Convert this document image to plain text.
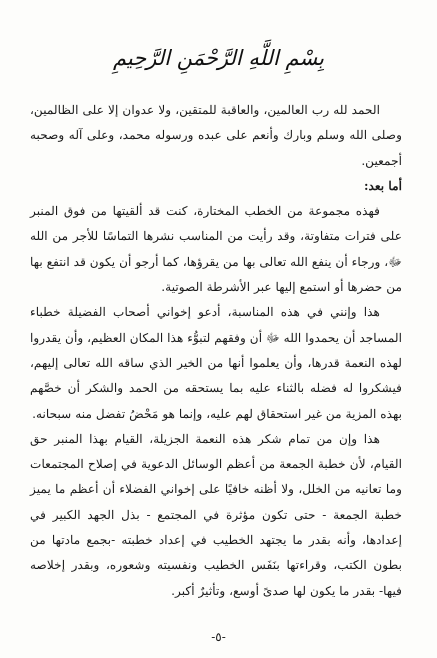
بِسْمِ اللَّهِ الرَّحْمَنِ الرَّحِيمِ

الحمد لله رب العالمين، والعاقبة للمتقين، ولا عدوان إلا على الظالمين، وصلى الله وسلم وبارك وأنعم على عبده ورسوله محمد، وعلى آله وصحبه أجمعين.

أما بعد:

فهذه مجموعة من الخطب المختارة، كنت قد ألقيتها من فوق المنبر على فترات متفاوتة، وقد رأيت من المناسب نشرها التماسًا للأجر من الله ﷻ، ورجاء أن ينفع الله تعالى بها من يقرؤها، كما أرجو أن يكون قد انتفع بها من حضرها أو استمع إليها عبر الأشرطة الصوتية.

هذا وإنني في هذه المناسبة، أدعو إخواني أصحاب الفضيلة خطباء المساجد أن يحمدوا الله ﷻ أن وفقهم لتبوُّء هذا المكان العظيم، وأن يقدروا لهذه النعمة قدرها، وأن يعلموا أنها من الخير الذي ساقه الله تعالى إليهم، فيشكروا له فضله بالثناء عليه بما يستحقه من الحمد والشكر أن خصَّهم بهذه المزية من غير استحقاق لهم عليه، وإنما هو مَحْضُ تفضل منه سبحانه.

هذا وإن من تمام شكر هذه النعمة الجزيلة، القيام بهذا المنبر حق القيام، لأن خطبة الجمعة من أعظم الوسائل الدعوية في إصلاح المجتمعات وما تعانيه من الخلل، ولا أظنه خافيًا على إخواني الفضلاء أن أعظم ما يميز خطبة الجمعة - حتى تكون مؤثرة في المجتمع - بذل الجهد الكبير في إعدادها، وأنه بقدر ما يجتهد الخطيب في إعداد خطبته -بجمع مادتها من بطون الكتب، وقراءتها بنَفَس الخطيب ونفسيته وشعوره، وبقدر إخلاصه فيها- بقدر ما يكون لها صدىً أوسع، وتأثيرٌ أكبر.

-٥-
